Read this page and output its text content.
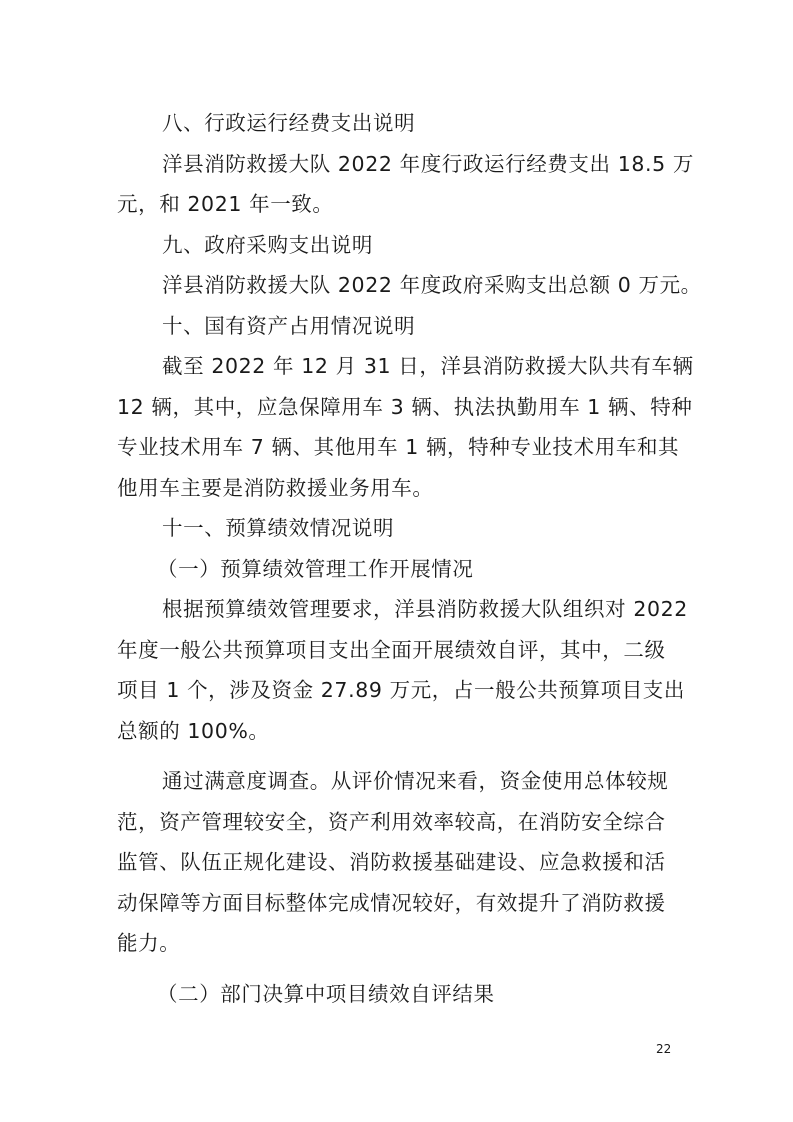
八、行政运行经费支出说明
洋县消防救援大队 2022 年度行政运行经费支出 18.5 万
元，和 2021 年一致。
九、政府采购支出说明
洋县消防救援大队 2022 年度政府采购支出总额 0 万元。
十、国有资产占用情况说明
截至 2022 年 12 月 31 日，洋县消防救援大队共有车辆
12 辆，其中，应急保障用车 3 辆、执法执勤用车 1 辆、特种
专业技术用车 7 辆、其他用车 1 辆，特种专业技术用车和其
他用车主要是消防救援业务用车。
十一、预算绩效情况说明
（一）预算绩效管理工作开展情况
根据预算绩效管理要求，洋县消防救援大队组织对 2022
年度一般公共预算项目支出全面开展绩效自评，其中，二级
项目 1 个，涉及资金 27.89 万元，占一般公共预算项目支出
总额的 100%。
通过满意度调查。从评价情况来看，资金使用总体较规
范，资产管理较安全，资产利用效率较高，在消防安全综合
监管、队伍正规化建设、消防救援基础建设、应急救援和活
动保障等方面目标整体完成情况较好，有效提升了消防救援
能力。
（二）部门决算中项目绩效自评结果
22
